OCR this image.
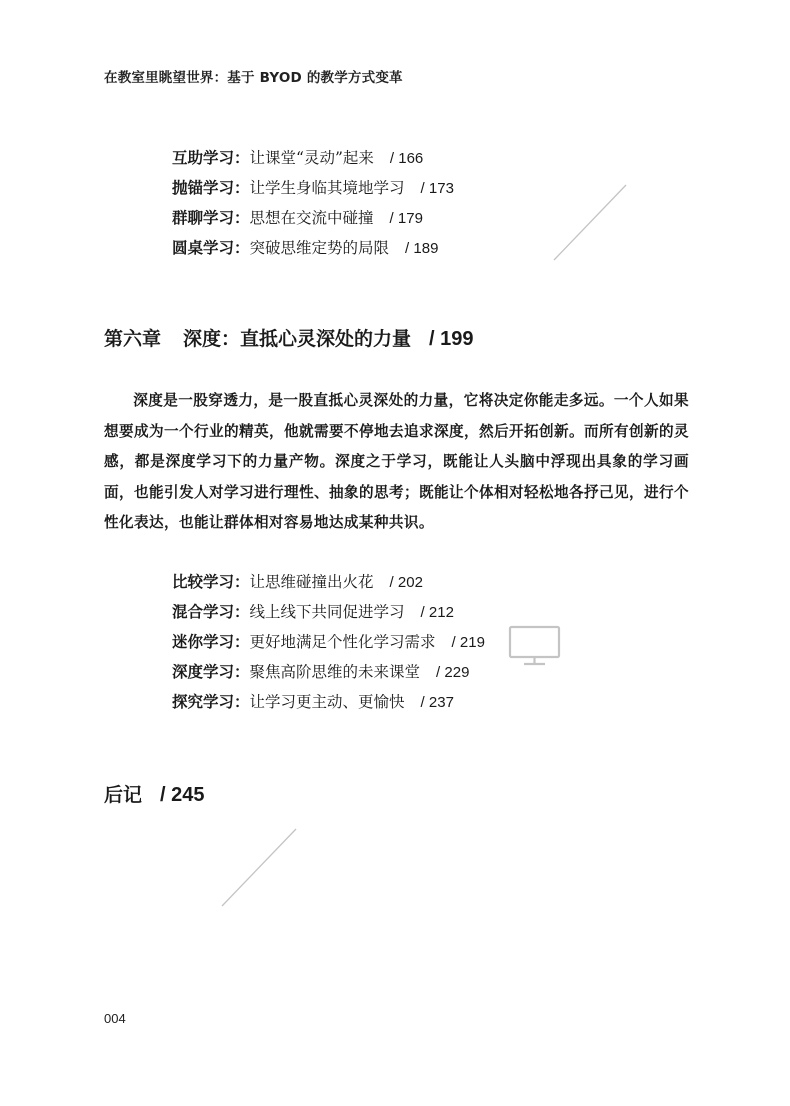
在教室里眺望世界：基于 BYOD 的教学方式变革
互助学习：让课堂“灵动”起来 / 166
抛锚学习：让学生身临其境地学习 / 173
群聊学习：思想在交流中碰撞 / 179
圆桌学习：突破思维定势的局限 / 189
第六章 深度：直抵心灵深处的力量 / 199

深度是一股穿透力，是一股直抵心灵深处的力量，它将决定你能走多远。一个人如果想要成为一个行业的精英，他就需要不停地去追求深度，然后开拓创新。而所有创新的灵感，都是深度学习下的力量产物。深度之于学习，既能让人头脑中浮现出具象的学习画面，也能引发人对学习进行理性、抽象的思考；既能让个体相对轻松地各抒己见，进行个性化表达，也能让群体相对容易地达成某种共识。

比较学习：让思维碰撞出火花 / 202
混合学习：线上线下共同促进学习 / 212
迷你学习：更好地满足个性化学习需求 / 219
深度学习：聚焦高阶思维的未来课堂 / 229
探究学习：让学习更主动、更愉快 / 237
后记 / 245
004
